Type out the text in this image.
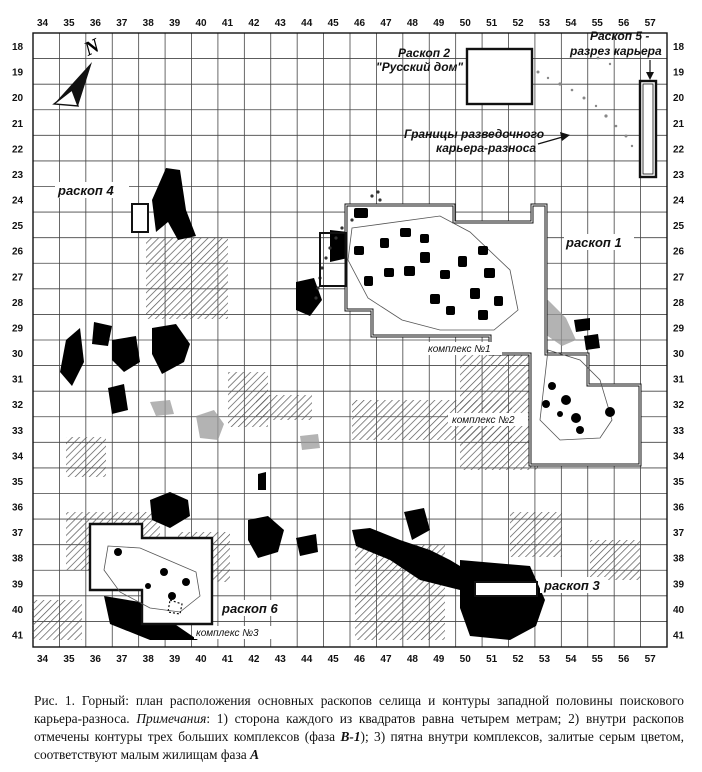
N	Раскоп 2
"Русский дом"
Раскоп 5 -
разрез карьера
Границы разведочного
карьера-разноса
раскоп 4
раскоп 1
комплекс №1
комплекс №2
раскоп 3
раскоп 6
комплекс №3
34
34
35
35
36
36
37
37
38
38
39
39
40
40
41
41
42
42
43
43
44
44
45
45
46
46
47
47
48
48
49
49
50
50
51
51
52
52
53
53
54
54
55
55
56
56
57
57
18	18
19	19
20	20
21	21
22	22
23	23
24	24
25	25
26	26
27	27
28	28
29	29
30	30
31	31
32	32
33	33
34	34
35	35
36	36
37	37
38	38
39	39
40	40
41	41
Рис. 1. Горный: план расположения основных раскопов селища и контуры западной половины поискового карьера-разноса. Примечания: 1) сторона каждого из квадратов равна четырем метрам; 2) внутри раскопов отмечены контуры трех больших комплексов (фаза В-1); 3) пятна внутри комплексов, залитые серым цветом, соответствуют малым жилищам фаза А
